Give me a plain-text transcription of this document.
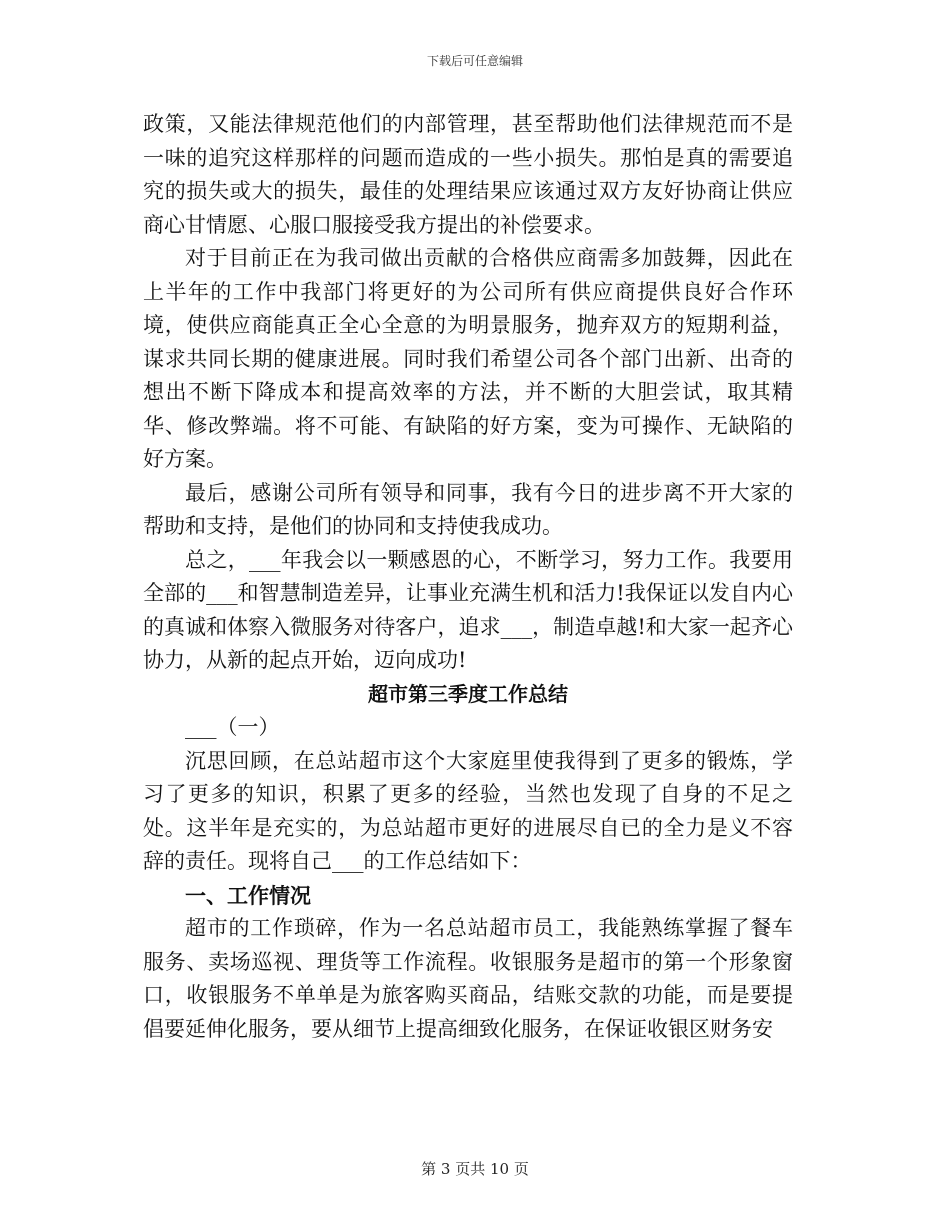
下载后可任意编辑

政策，又能法律规范他们的内部管理，甚至帮助他们法律规范而不是一味的追究这样那样的问题而造成的一些小损失。那怕是真的需要追究的损失或大的损失，最佳的处理结果应该通过双方友好协商让供应商心甘情愿、心服口服接受我方提出的补偿要求。

对于目前正在为我司做出贡献的合格供应商需多加鼓舞，因此在上半年的工作中我部门将更好的为公司所有供应商提供良好合作环境，使供应商能真正全心全意的为明景服务，抛弃双方的短期利益，谋求共同长期的健康进展。同时我们希望公司各个部门出新、出奇的想出不断下降成本和提高效率的方法，并不断的大胆尝试，取其精华、修改弊端。将不可能、有缺陷的好方案，变为可操作、无缺陷的好方案。

最后，感谢公司所有领导和同事，我有今日的进步离不开大家的帮助和支持，是他们的协同和支持使我成功。

总之，___年我会以一颗感恩的心，不断学习，努力工作。我要用全部的___和智慧制造差异，让事业充满生机和活力!我保证以发自内心的真诚和体察入微服务对待客户，追求___，制造卓越!和大家一起齐心协力，从新的起点开始，迈向成功!

超市第三季度工作总结

___（一）

沉思回顾，在总站超市这个大家庭里使我得到了更多的锻炼，学习了更多的知识，积累了更多的经验，当然也发现了自身的不足之处。这半年是充实的，为总站超市更好的进展尽自已的全力是义不容辞的责任。现将自己___的工作总结如下：

一、工作情况

超市的工作琐碎，作为一名总站超市员工，我能熟练掌握了餐车服务、卖场巡视、理货等工作流程。收银服务是超市的第一个形象窗口，收银服务不单单是为旅客购买商品，结账交款的功能，而是要提倡要延伸化服务，要从细节上提高细致化服务，在保证收银区财务安

第 3 页共 10 页
